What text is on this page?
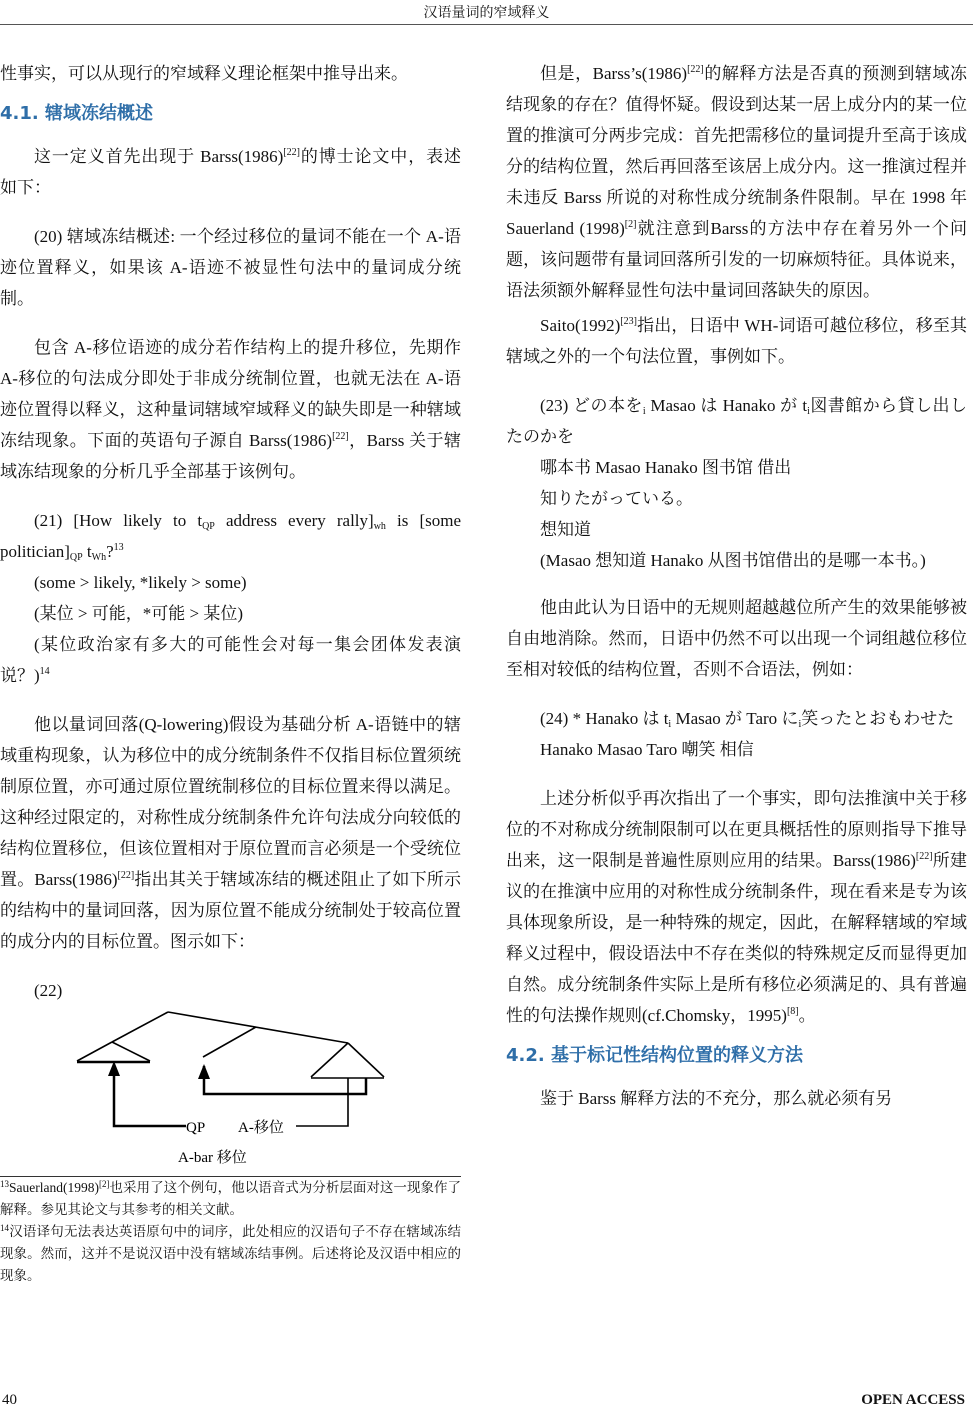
汉语量词的窄域释义

性事实，可以从现行的窄域释义理论框架中推导出来。

4.1. 辖域冻结概述

这一定义首先出现于 Barss(1986)[22]的博士论文中，表述如下：

(20) 辖域冻结概述: 一个经过移位的量词不能在一个 A-语迹位置释义，如果该 A-语迹不被显性句法中的量词成分统制。

包含 A-移位语迹的成分若作结构上的提升移位，先期作 A-移位的句法成分即处于非成分统制位置，也就无法在 A-语迹位置得以释义，这种量词辖域窄域释义的缺失即是一种辖域冻结现象。下面的英语句子源自 Barss(1986)[22]，Barss 关于辖域冻结现象的分析几乎全部基于该例句。

(21) [How likely to $t_{QP}$ address every $rally]_{wh}$ is [some $politician]_{QP}$ $t_{Wh}?^{13}$

(some > likely, *likely > some)

(某位 > 可能，*可能 > 某位)

(某位政治家有多大的可能性会对每一集会团体发表演说？)$^{14}$

他以量词回落(Q-lowering)假设为基础分析 A-语链中的辖域重构现象，认为移位中的成分统制条件不仅指目标位置须统制原位置，亦可通过原位置统制移位的目标位置来得以满足。这种经过限定的，对称性成分统制条件允许句法成分向较低的结构位置移位，但该位置相对于原位置而言必须是一个受统位置。Barss(1986)[22]指出其关于辖域冻结的概述阻止了如下所示的结构中的量词回落，因为原位置不能成分统制处于较高位置的成分内的目标位置。图示如下：

(22)

QP A-移位
A-bar 移位

$^{13}$Sauerland(1998)[2]也采用了这个例句，他以语音式为分析层面对这一现象作了解释。参见其论文与其参考的相关文献。

$^{14}$汉语译句无法表达英语原句中的词序，此处相应的汉语句子不存在辖域冻结现象。然而，这并不是说汉语中没有辖域冻结事例。后述将论及汉语中相应的现象。

但是，Barss’s(1986)[22]的解释方法是否真的预测到辖域冻结现象的存在？值得怀疑。假设到达某一居上成分内的某一位置的推演可分两步完成：首先把需移位的量词提升至高于该成分的结构位置，然后再回落至该居上成分内。这一推演过程并未违反 Barss 所说的对称性成分统制条件限制。早在 1998 年 Sauerland (1998)[2]就注意到Barss的方法中存在着另外一个问题，该问题带有量词回落所引发的一切麻烦特征。具体说来，语法须额外解释显性句法中量词回落缺失的原因。

Saito(1992)[23]指出，日语中 WH-词语可越位移位，移至其辖域之外的一个句法位置，事例如下。

(23) どの本を$_i$ Masao は Hanako が $t_i$図書館から貸し出したのかを

哪本书 Masao Hanako 图书馆 借出

知りたがっている。

想知道

(Masao 想知道 Hanako 从图书馆借出的是哪一本书。)

他由此认为日语中的无规则超越越位所产生的效果能够被自由地消除。然而，日语中仍然不可以出现一个词组越位移位至相对较低的结构位置，否则不合语法，例如：

(24) * Hanako は $t_i$ Masao が Taro に$_i$笑ったとおもわせた

Hanako Masao Taro 嘲笑 相信

上述分析似乎再次指出了一个事实，即句法推演中关于移位的不对称成分统制限制可以在更具概括性的原则指导下推导出来，这一限制是普遍性原则应用的结果。Barss(1986)[22]所建议的在推演中应用的对称性成分统制条件，现在看来是专为该具体现象所设，是一种特殊的规定，因此，在解释辖域的窄域释义过程中，假设语法中不存在类似的特殊规定反而显得更加自然。成分统制条件实际上是所有移位必须满足的、具有普遍性的句法操作规则(cf.Chomsky，1995)[8]。

4.2. 基于标记性结构位置的释义方法

鉴于 Barss 解释方法的不充分，那么就必须有另

40	OPEN ACCESS
